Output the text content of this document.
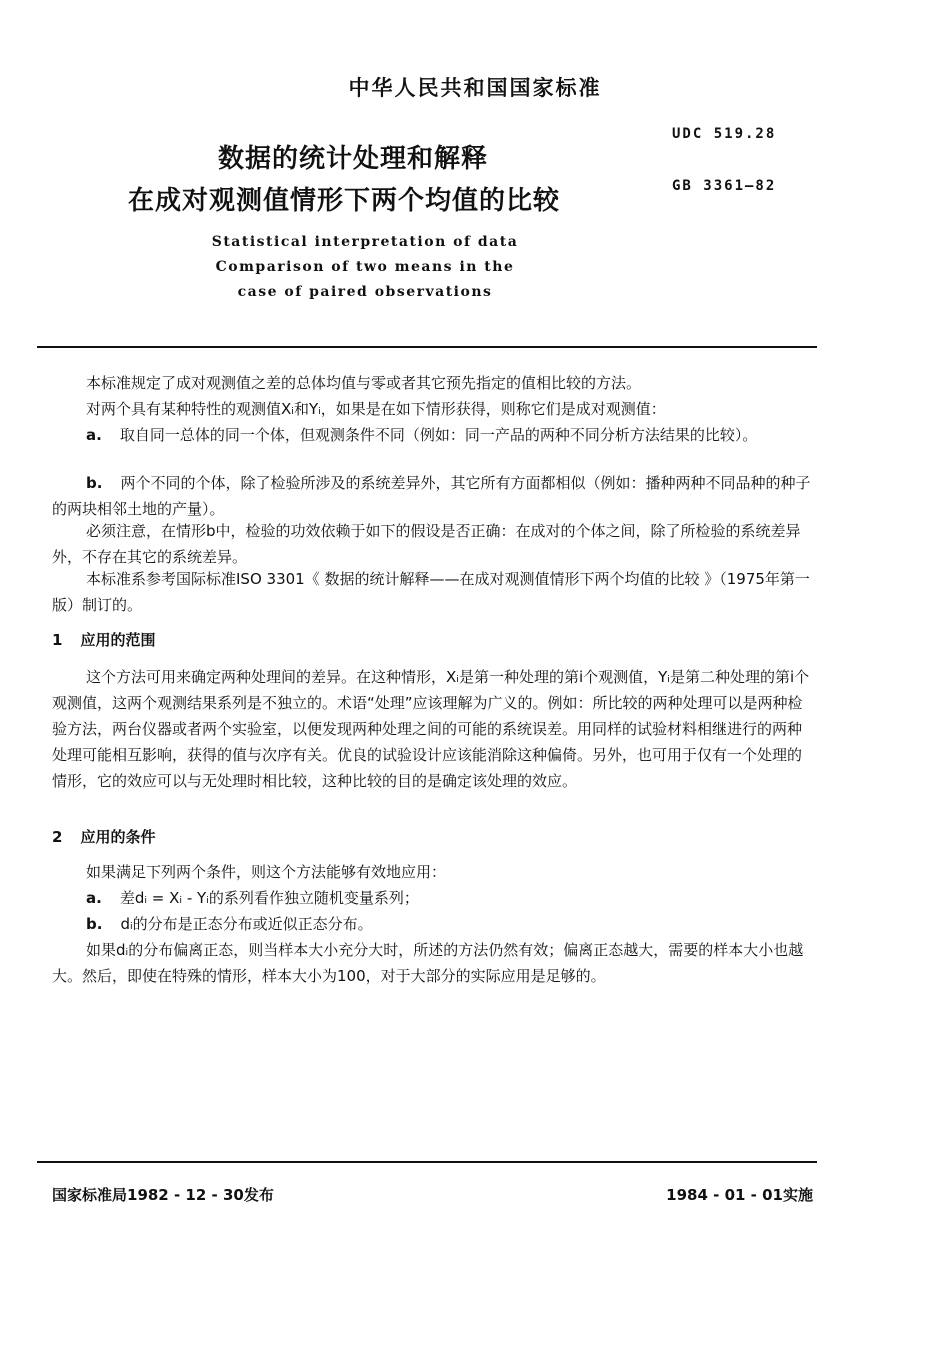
中华人民共和国国家标准
数据的统计处理和解释
在成对观测值情形下两个均值的比较
UDC 519.28
GB 3361—82
Statistical interpretation of data
Comparison of two means in the
case of paired observations
本标准规定了成对观测值之差的总体均值与零或者其它预先指定的值相比较的方法。
对两个具有某种特性的观测值Xᵢ和Yᵢ，如果是在如下情形获得，则称它们是成对观测值：
a. 取自同一总体的同一个体，但观测条件不同（例如：同一产品的两种不同分析方法结果的比较）。
b. 两个不同的个体，除了检验所涉及的系统差异外，其它所有方面都相似（例如：播种两种不同品种的种子的两块相邻土地的产量）。
必须注意，在情形b中，检验的功效依赖于如下的假设是否正确：在成对的个体之间，除了所检验的系统差异外，不存在其它的系统差异。
本标准系参考国际标准ISO 3301《 数据的统计解释——在成对观测值情形下两个均值的比较 》（1975年第一版）制订的。
1 应用的范围
这个方法可用来确定两种处理间的差异。在这种情形，Xᵢ是第一种处理的第i个观测值，Yᵢ是第二种处理的第i个观测值，这两个观测结果系列是不独立的。术语“处理”应该理解为广义的。例如：所比较的两种处理可以是两种检验方法，两台仪器或者两个实验室，以便发现两种处理之间的可能的系统误差。用同样的试验材料相继进行的两种处理可能相互影响，获得的值与次序有关。优良的试验设计应该能消除这种偏倚。另外，也可用于仅有一个处理的情形，它的效应可以与无处理时相比较，这种比较的目的是确定该处理的效应。
2 应用的条件
如果满足下列两个条件，则这个方法能够有效地应用：
a. 差dᵢ = Xᵢ - Yᵢ的系列看作独立随机变量系列；
b. dᵢ的分布是正态分布或近似正态分布。
如果dᵢ的分布偏离正态，则当样本大小充分大时，所述的方法仍然有效；偏离正态越大，需要的样本大小也越大。然后，即使在特殊的情形，样本大小为100，对于大部分的实际应用是足够的。
国家标准局1982 - 12 - 30发布	1984 - 01 - 01实施
